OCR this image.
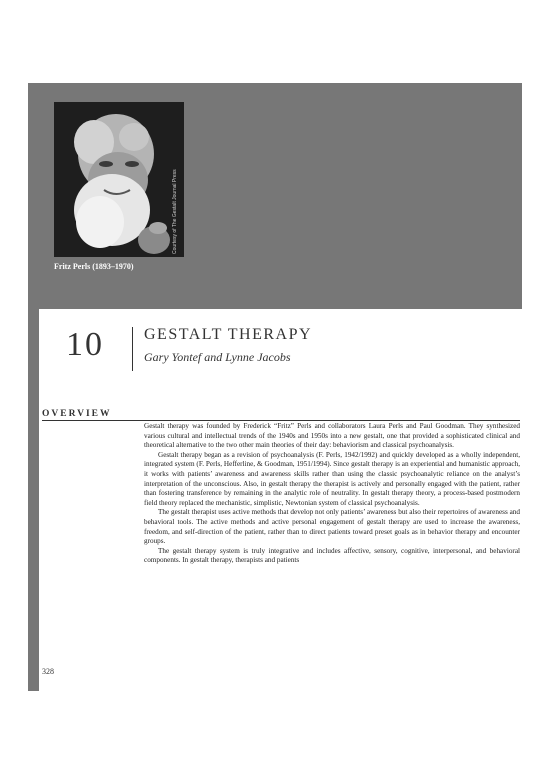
Courtesy of The Gestalt Journal Press
Fritz Perls (1893–1970)
10	GESTALT THERAPY
Gary Yontef and Lynne Jacobs
OVERVIEW

Gestalt therapy was founded by Frederick “Fritz” Perls and collaborators Laura Perls and Paul Goodman. They synthesized various cultural and intellectual trends of the 1940s and 1950s into a new gestalt, one that provided a sophisticated clinical and theoretical alternative to the two other main theories of their day: behaviorism and classical psychoanalysis.

Gestalt therapy began as a revision of psychoanalysis (F. Perls, 1942/1992) and quickly developed as a wholly independent, integrated system (F. Perls, Hefferline, & Goodman, 1951/1994). Since gestalt therapy is an experiential and humanistic approach, it works with patients’ awareness and awareness skills rather than using the classic psychoanalytic reliance on the analyst’s interpretation of the unconscious. Also, in gestalt therapy the therapist is actively and personally engaged with the patient, rather than fostering transference by remaining in the analytic role of neutrality. In gestalt therapy theory, a process-based postmodern field theory replaced the mechanistic, simplistic, Newtonian system of classical psychoanalysis.

The gestalt therapist uses active methods that develop not only patients’ awareness but also their repertoires of awareness and behavioral tools. The active methods and active personal engagement of gestalt therapy are used to increase the awareness, freedom, and self-direction of the patient, rather than to direct patients toward preset goals as in behavior therapy and encounter groups.

The gestalt therapy system is truly integrative and includes affective, sensory, cognitive, interpersonal, and behavioral components. In gestalt therapy, therapists and patients

328
